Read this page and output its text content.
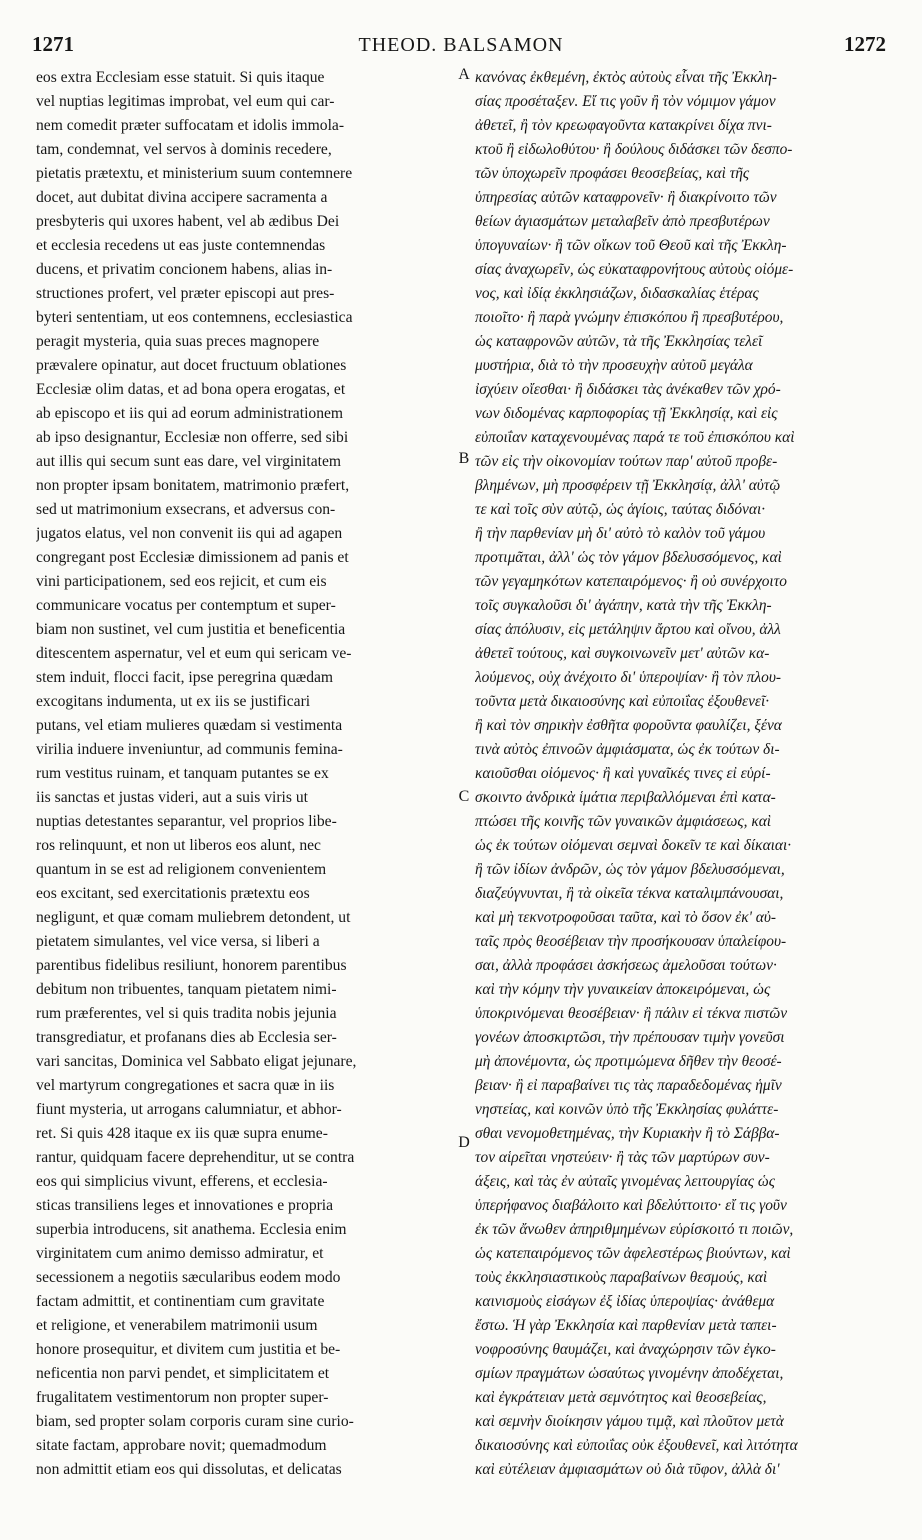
1271	THEOD. BALSAMON	1272
eos extra Ecclesiam esse statuit. Si quis itaque
vel nuptias legitimas improbat, vel eum qui car-
nem comedit præter suffocatam et idolis immola-
tam, condemnat, vel servos à dominis recedere,
pietatis prætextu, et ministerium suum contemnere
docet, aut dubitat divina accipere sacramenta a
presbyteris qui uxores habent, vel ab ædibus Dei
et ecclesia recedens ut eas juste contemnendas
ducens, et privatim concionem habens, alias in-
structiones profert, vel præter episcopi aut pres-
byteri sententiam, ut eos contemnens, ecclesiastica
peragit mysteria, quia suas preces magnopere
prævalere opinatur, aut docet fructuum oblationes
Ecclesiæ olim datas, et ad bona opera erogatas, et
ab episcopo et iis qui ad eorum administrationem
ab ipso designantur, Ecclesiæ non offerre, sed sibi
aut illis qui secum sunt eas dare, vel virginitatem
non propter ipsam bonitatem, matrimonio præfert,
sed ut matrimonium exsecrans, et adversus con-
jugatos elatus, vel non convenit iis qui ad agapen
congregant post Ecclesiæ dimissionem ad panis et
vini participationem, sed eos rejicit, et cum eis
communicare vocatus per contemptum et super-
biam non sustinet, vel cum justitia et beneficentia
ditescentem aspernatur, vel et eum qui sericam ve-
stem induit, flocci facit, ipse peregrina quædam
excogitans indumenta, ut ex iis se justificari
putans, vel etiam mulieres quædam si vestimenta
virilia induere inveniuntur, ad communis femina-
rum vestitus ruinam, et tanquam putantes se ex
iis sanctas et justas videri, aut a suis viris ut
nuptias detestantes separantur, vel proprios libe-
ros relinquunt, et non ut liberos eos alunt, nec
quantum in se est ad religionem convenientem
eos excitant, sed exercitationis prætextu eos
negligunt, et quæ comam muliebrem detondent, ut
pietatem simulantes, vel vice versa, si liberi a
parentibus fidelibus resiliunt, honorem parentibus
debitum non tribuentes, tanquam pietatem nimi-
rum præferentes, vel si quis tradita nobis jejunia
transgrediatur, et profanans dies ab Ecclesia ser-
vari sancitas, Dominica vel Sabbato eligat jejunare,
vel martyrum congregationes et sacra quæ in iis
fiunt mysteria, ut arrogans calumniatur, et abhor-
ret. Si quis 428 itaque ex iis quæ supra enume-
rantur, quidquam facere deprehenditur, ut se contra
eos qui simplicius vivunt, efferens, et ecclesia-
sticas transiliens leges et innovationes e propria
superbia introducens, sit anathema. Ecclesia enim
virginitatem cum animo demisso admiratur, et
secessionem a negotiis sæcularibus eodem modo
factam admittit, et continentiam cum gravitate
et religione, et venerabilem matrimonii usum
honore prosequitur, et divitem cum justitia et be-
neficentia non parvi pendet, et simplicitatem et
frugalitatem vestimentorum non propter super-
biam, sed propter solam corporis curam sine curio-
sitate factam, approbare novit; quemadmodum
non admittit etiam eos qui dissolutas, et delicatas
A
B
C
D
κανόνας ἐκθεμένη, ἐκτὸς αὐτοὺς εἶναι τῆς Ἐκκλη-
σίας προσέταξεν. Εἴ τις γοῦν ἢ τὸν νόμιμον γάμον
ἀθετεῖ, ἢ τὸν κρεωφαγοῦντα κατακρίνει δίχα πνι-
κτοῦ ἢ εἰδωλοθύτου· ἢ δούλους διδάσκει τῶν δεσπο-
τῶν ὑποχωρεῖν προφάσει θεοσεβείας, καὶ τῆς
ὑπηρεσίας αὐτῶν καταφρονεῖν· ἢ διακρίνοιτο τῶν
θείων ἁγιασμάτων μεταλαβεῖν ἀπὸ πρεσβυτέρων
ὑπογυναίων· ἢ τῶν οἴκων τοῦ Θεοῦ καὶ τῆς Ἐκκλη-
σίας ἀναχωρεῖν, ὡς εὐκαταφρονήτους αὐτοὺς οἰόμε-
νος, καὶ ἰδίᾳ ἐκκλησιάζων, διδασκαλίας ἑτέρας
ποιοῖτο· ἢ παρὰ γνώμην ἐπισκόπου ἢ πρεσβυτέρου,
ὡς καταφρονῶν αὐτῶν, τὰ τῆς Ἐκκλησίας τελεῖ
μυστήρια, διὰ τὸ τὴν προσευχὴν αὐτοῦ μεγάλα
ἰσχύειν οἴεσθαι· ἢ διδάσκει τὰς ἀνέκαθεν τῶν χρό-
νων διδομένας καρποφορίας τῇ Ἐκκλησίᾳ, καὶ εἰς
εὐποιΐαν καταχενουμένας παρά τε τοῦ ἐπισκόπου καὶ
τῶν εἰς τὴν οἰκονομίαν τούτων παρ' αὐτοῦ προβε-
βλημένων, μὴ προσφέρειν τῇ Ἐκκλησίᾳ, ἀλλ' αὐτῷ
τε καὶ τοῖς σὺν αὐτῷ, ὡς ἁγίοις, ταύτας διδόναι·
ἢ τὴν παρθενίαν μὴ δι' αὐτὸ τὸ καλὸν τοῦ γάμου
προτιμᾶται, ἀλλ' ὡς τὸν γάμον βδελυσσόμενος, καὶ
τῶν γεγαμηκότων κατεπαιρόμενος· ἢ οὐ συνέρχοιτο
τοῖς συγκαλοῦσι δι' ἀγάπην, κατὰ τὴν τῆς Ἐκκλη-
σίας ἀπόλυσιν, εἰς μετάληψιν ἄρτου καὶ οἴνου, ἀλλ
ἀθετεῖ τούτους, καὶ συγκοινωνεῖν μετ' αὐτῶν κα-
λούμενος, οὐχ ἀνέχοιτο δι' ὑπεροψίαν· ἢ τὸν πλου-
τοῦντα μετὰ δικαιοσύνης καὶ εὐποιΐας ἐξουθενεῖ·
ἢ καὶ τὸν σηρικὴν ἐσθῆτα φοροῦντα φαυλίζει, ξένα
τινὰ αὐτὸς ἐπινοῶν ἀμφιάσματα, ὡς ἐκ τούτων δι-
καιοῦσθαι οἰόμενος· ἢ καὶ γυναῖκές τινες εἰ εὑρί-
σκοιντο ἀνδρικὰ ἱμάτια περιβαλλόμεναι ἐπὶ κατα-
πτώσει τῆς κοινῆς τῶν γυναικῶν ἀμφιάσεως, καὶ
ὡς ἐκ τούτων οἰόμεναι σεμναὶ δοκεῖν τε καὶ δίκαιαι·
ἢ τῶν ἰδίων ἀνδρῶν, ὡς τὸν γάμον βδελυσσόμεναι,
διαζεύγνυνται, ἢ τὰ οἰκεῖα τέκνα καταλιμπάνουσαι,
καὶ μὴ τεκνοτροφοῦσαι ταῦτα, καὶ τὸ ὅσον ἐκ' αὐ-
ταῖς πρὸς θεοσέβειαν τὴν προσήκουσαν ὑπαλείφου-
σαι, ἀλλὰ προφάσει ἀσκήσεως ἀμελοῦσαι τούτων·
καὶ τὴν κόμην τὴν γυναικείαν ἀποκειρόμεναι, ὡς
ὑποκρινόμεναι θεοσέβειαν· ἢ πάλιν εἰ τέκνα πιστῶν
γονέων ἀποσκιρτῶσι, τὴν πρέπουσαν τιμὴν γονεῦσι
μὴ ἀπονέμοντα, ὡς προτιμώμενα δῆθεν τὴν θεοσέ-
βειαν· ἢ εἰ παραβαίνει τις τὰς παραδεδομένας ἡμῖν
νηστείας, καὶ κοινῶν ὑπὸ τῆς Ἐκκλησίας φυλάττε-
σθαι νενομοθετημένας, τὴν Κυριακὴν ἢ τὸ Σάββα-
τον αἱρεῖται νηστεύειν· ἢ τὰς τῶν μαρτύρων συν-
άξεις, καὶ τὰς ἐν αὐταῖς γινομένας λειτουργίας ὡς
ὑπερήφανος διαβάλοιτο καὶ βδελύττοιτο· εἴ τις γοῦν
ἐκ τῶν ἄνωθεν ἀπηριθμημένων εὑρίσκοιτό τι ποιῶν,
ὡς κατεπαιρόμενος τῶν ἀφελεστέρως βιούντων, καὶ
τοὺς ἐκκλησιαστικοὺς παραβαίνων θεσμούς, καὶ
καινισμοὺς εἰσάγων ἐξ ἰδίας ὑπεροψίας· ἀνάθεμα
ἔστω. Ἡ γὰρ Ἐκκλησία καὶ παρθενίαν μετὰ ταπει-
νοφροσύνης θαυμάζει, καὶ ἀναχώρησιν τῶν ἐγκο-
σμίων πραγμάτων ὡσαύτως γινομένην ἀποδέχεται,
καὶ ἐγκράτειαν μετὰ σεμνότητος καὶ θεοσεβείας,
καὶ σεμνὴν διοίκησιν γάμου τιμᾷ, καὶ πλοῦτον μετὰ
δικαιοσύνης καὶ εὐποιΐας οὐκ ἐξουθενεῖ, καὶ λιτότητα
καὶ εὐτέλειαν ἀμφιασμάτων οὐ διὰ τῦφον, ἀλλὰ δι'
